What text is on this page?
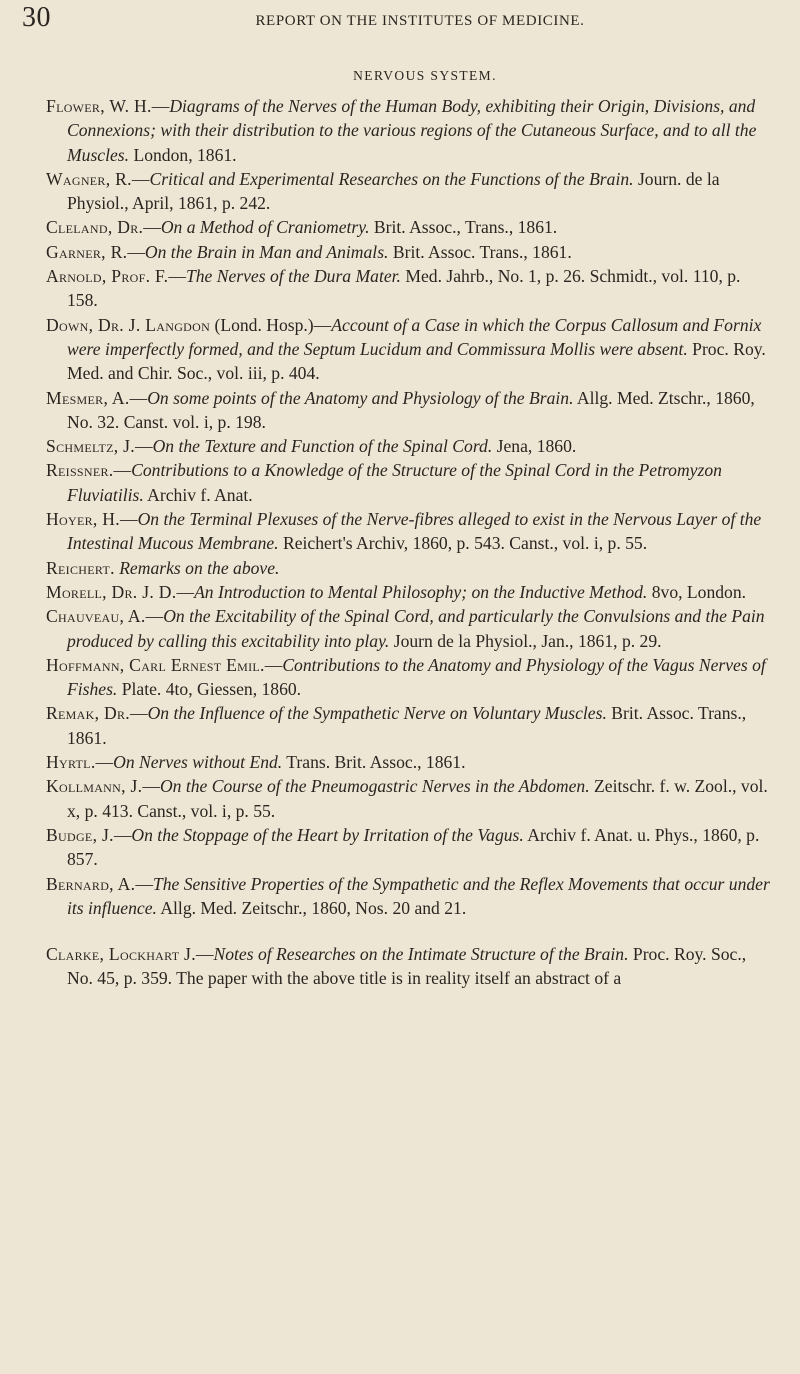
30	REPORT ON THE INSTITUTES OF MEDICINE.
NERVOUS SYSTEM.

Flower, W. H.—Diagrams of the Nerves of the Human Body, exhibiting their Origin, Divisions, and Connexions; with their distribution to the various regions of the Cutaneous Surface, and to all the Muscles. London, 1861.

Wagner, R.—Critical and Experimental Researches on the Functions of the Brain. Journ. de la Physiol., April, 1861, p. 242.

Cleland, Dr.—On a Method of Craniometry. Brit. Assoc., Trans., 1861.

Garner, R.—On the Brain in Man and Animals. Brit. Assoc. Trans., 1861.

Arnold, Prof. F.—The Nerves of the Dura Mater. Med. Jahrb., No. 1, p. 26. Schmidt., vol. 110, p. 158.

Down, Dr. J. Langdon (Lond. Hosp.)—Account of a Case in which the Corpus Callosum and Fornix were imperfectly formed, and the Septum Lucidum and Commissura Mollis were absent. Proc. Roy. Med. and Chir. Soc., vol. iii, p. 404.

Mesmer, A.—On some points of the Anatomy and Physiology of the Brain. Allg. Med. Ztschr., 1860, No. 32. Canst. vol. i, p. 198.

Schmeltz, J.—On the Texture and Function of the Spinal Cord. Jena, 1860.

Reissner.—Contributions to a Knowledge of the Structure of the Spinal Cord in the Petromyzon Fluviatilis. Archiv f. Anat.

Hoyer, H.—On the Terminal Plexuses of the Nerve-fibres alleged to exist in the Nervous Layer of the Intestinal Mucous Membrane. Reichert's Archiv, 1860, p. 543. Canst., vol. i, p. 55.

Reichert. Remarks on the above.

Morell, Dr. J. D.—An Introduction to Mental Philosophy; on the Inductive Method. 8vo, London.

Chauveau, A.—On the Excitability of the Spinal Cord, and particularly the Convulsions and the Pain produced by calling this excitability into play. Journ de la Physiol., Jan., 1861, p. 29.

Hoffmann, Carl Ernest Emil.—Contributions to the Anatomy and Physiology of the Vagus Nerves of Fishes. Plate. 4to, Giessen, 1860.

Remak, Dr.—On the Influence of the Sympathetic Nerve on Voluntary Muscles. Brit. Assoc. Trans., 1861.

Hyrtl.—On Nerves without End. Trans. Brit. Assoc., 1861.

Kollmann, J.—On the Course of the Pneumogastric Nerves in the Abdomen. Zeitschr. f. w. Zool., vol. x, p. 413. Canst., vol. i, p. 55.

Budge, J.—On the Stoppage of the Heart by Irritation of the Vagus. Archiv f. Anat. u. Phys., 1860, p. 857.

Bernard, A.—The Sensitive Properties of the Sympathetic and the Reflex Movements that occur under its influence. Allg. Med. Zeitschr., 1860, Nos. 20 and 21.

Clarke, Lockhart J.—Notes of Researches on the Intimate Structure of the Brain. Proc. Roy. Soc., No. 45, p. 359. The paper with the above title is in reality itself an abstract of a
